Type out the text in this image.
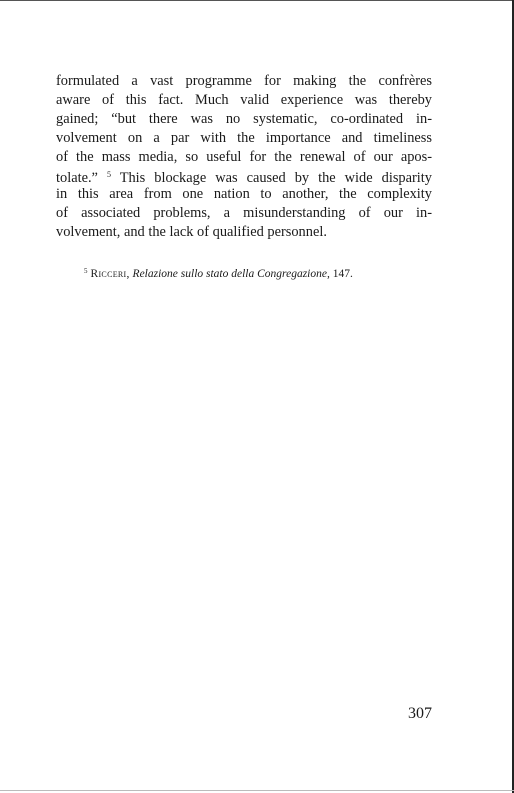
formulated a vast programme for making the confrères
aware of this fact. Much valid experience was thereby
gained; “but there was no systematic, co-ordinated in-
volvement on a par with the importance and timeliness
of the mass media, so useful for the renewal of our apos-
tolate.” $^5$ This blockage was caused by the wide disparity
in this area from one nation to another, the complexity
of associated problems, a misunderstanding of our in-
volvement, and the lack of qualified personnel.

$^5$ Ricceri, Relazione sullo stato della Congregazione, 147.

307
